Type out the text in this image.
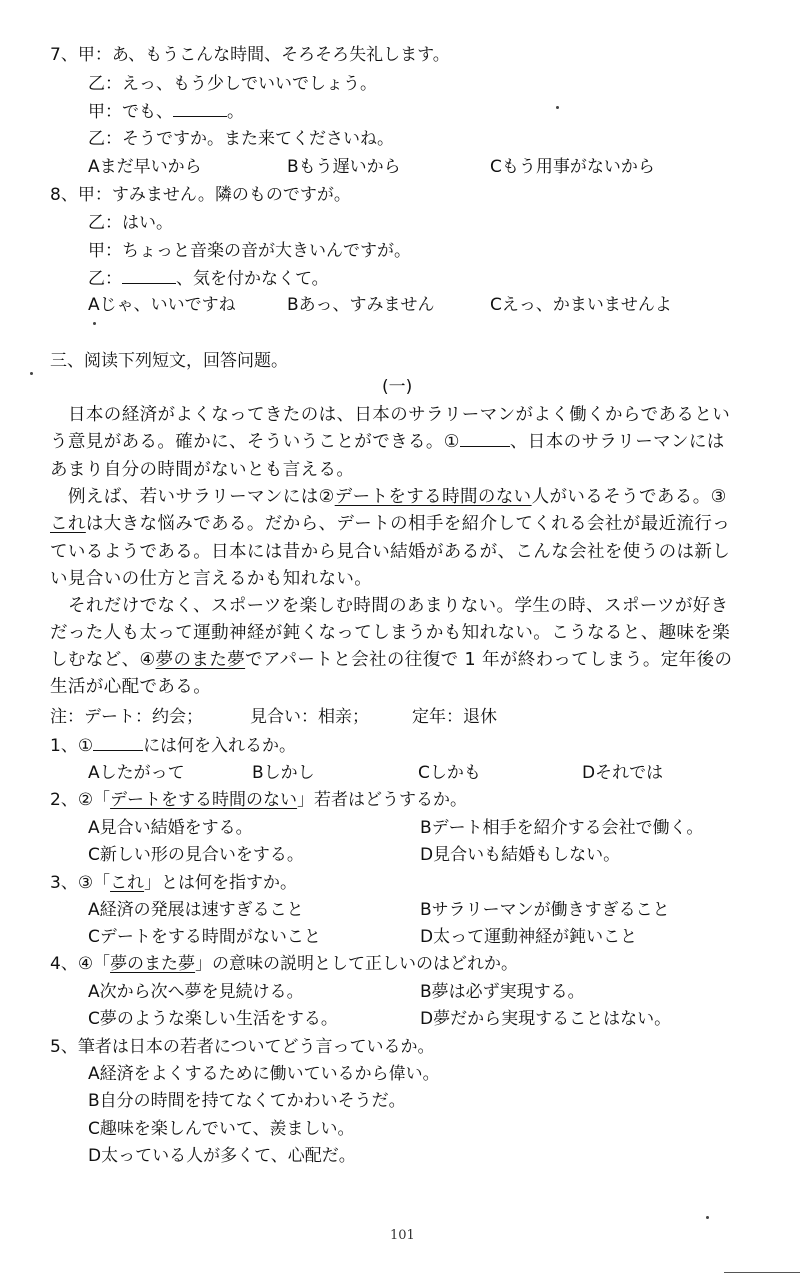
7、甲：あ、もうこんな時間、そろそろ失礼します。
乙：えっ、もう少しでいいでしょう。
甲：でも、	。
乙：そうですか。また来てくださいね。
Aまだ早いから	Bもう遅いから	Cもう用事がないから
8、甲：すみません。隣のものですが。
乙：はい。
甲：ちょっと音楽の音が大きいんですが。
乙：	、気を付かなくて。
Aじゃ、いいですね	Bあっ、すみません	Cえっ、かまいませんよ
三、阅读下列短文，回答问题。
(一)
日本の経済がよくなってきたのは、日本のサラリーマンがよく働くからであるとい
う意見がある。確かに、そういうことができる。①	、日本のサラリーマンには
あまり自分の時間がないとも言える。
例えば、若いサラリーマンには②デートをする時間のない人がいるそうである。③
これは大きな悩みである。だから、デートの相手を紹介してくれる会社が最近流行っ
ているようである。日本には昔から見合い結婚があるが、こんな会社を使うのは新し
い見合いの仕方と言えるかも知れない。
それだけでなく、スポーツを楽しむ時間のあまりない。学生の時、スポーツが好き
だった人も太って運動神経が鈍くなってしまうかも知れない。こうなると、趣味を楽
しむなど、④夢のまた夢でアパートと会社の往復で 1 年が終わってしまう。定年後の
生活が心配である。
注：デート：约会；	見合い：相亲；	定年：退休
1、①	には何を入れるか。
Aしたがって	Bしかし	Cしかも	Dそれでは
2、②「デートをする時間のない」若者はどうするか。
A見合い結婚をする。	Bデート相手を紹介する会社で働く。
C新しい形の見合いをする。	D見合いも結婚もしない。
3、③「これ」とは何を指すか。
A経済の発展は速すぎること	Bサラリーマンが働きすぎること
Cデートをする時間がないこと	D太って運動神経が鈍いこと
4、④「夢のまた夢」の意味の説明として正しいのはどれか。
A次から次へ夢を見続ける。	B夢は必ず実現する。
C夢のような楽しい生活をする。	D夢だから実現することはない。
5、筆者は日本の若者についてどう言っているか。
A経済をよくするために働いているから偉い。
B自分の時間を持てなくてかわいそうだ。
C趣味を楽しんでいて、羨ましい。
D太っている人が多くて、心配だ。
101
